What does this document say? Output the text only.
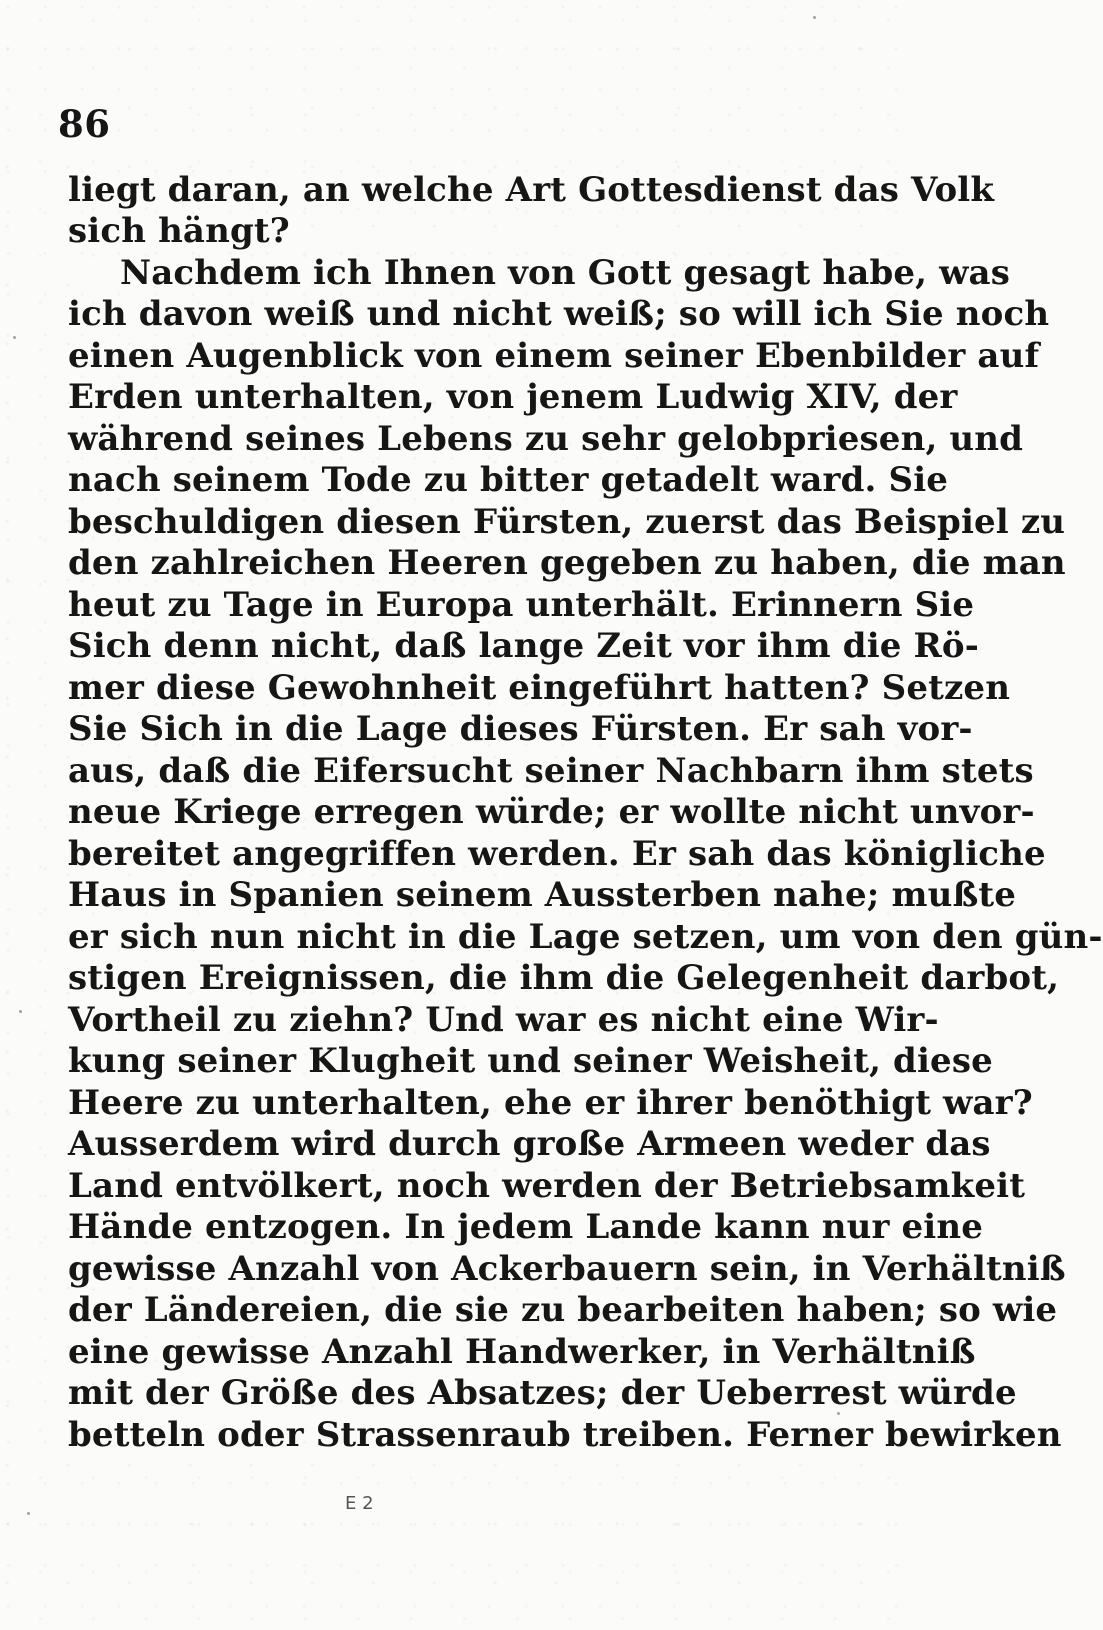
86
liegt daran, an welche Art Gottesdienst das Volk
sich hängt?
Nachdem ich Ihnen von Gott gesagt habe, was
ich davon weiß und nicht weiß; so will ich Sie noch
einen Augenblick von einem seiner Ebenbilder auf
Erden unterhalten, von jenem Ludwig XIV, der
während seines Lebens zu sehr gelobpriesen, und
nach seinem Tode zu bitter getadelt ward. Sie
beschuldigen diesen Fürsten, zuerst das Beispiel zu
den zahlreichen Heeren gegeben zu haben, die man
heut zu Tage in Europa unterhält. Erinnern Sie
Sich denn nicht, daß lange Zeit vor ihm die Rö-
mer diese Gewohnheit eingeführt hatten? Setzen
Sie Sich in die Lage dieses Fürsten. Er sah vor-
aus, daß die Eifersucht seiner Nachbarn ihm stets
neue Kriege erregen würde; er wollte nicht unvor-
bereitet angegriffen werden. Er sah das königliche
Haus in Spanien seinem Aussterben nahe; mußte
er sich nun nicht in die Lage setzen, um von den gün-
stigen Ereignissen, die ihm die Gelegenheit darbot,
Vortheil zu ziehn? Und war es nicht eine Wir-
kung seiner Klugheit und seiner Weisheit, diese
Heere zu unterhalten, ehe er ihrer benöthigt war?
Ausserdem wird durch große Armeen weder das
Land entvölkert, noch werden der Betriebsamkeit
Hände entzogen. In jedem Lande kann nur eine
gewisse Anzahl von Ackerbauern sein, in Verhältniß
der Ländereien, die sie zu bearbeiten haben; so wie
eine gewisse Anzahl Handwerker, in Verhältniß
mit der Größe des Absatzes; der Ueberrest würde
betteln oder Strassenraub treiben. Ferner bewirken
E 2
